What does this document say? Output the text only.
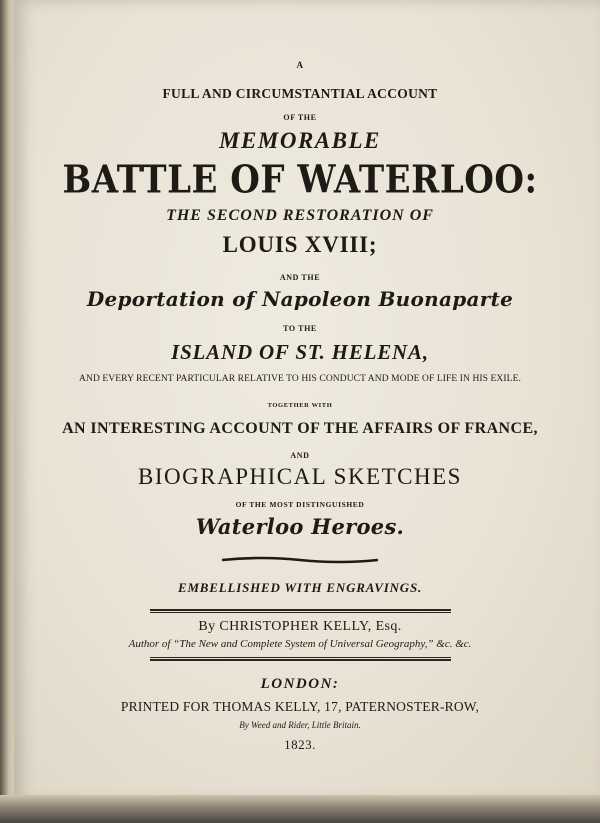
A

FULL AND CIRCUMSTANTIAL ACCOUNT

OF THE

MEMORABLE

BATTLE OF WATERLOO:

THE SECOND RESTORATION OF

LOUIS XVIII;

AND THE

Deportation of Napoleon Buonaparte

TO THE

ISLAND OF ST. HELENA,

AND EVERY RECENT PARTICULAR RELATIVE TO HIS CONDUCT AND MODE OF LIFE IN HIS EXILE.

TOGETHER WITH

AN INTERESTING ACCOUNT OF THE AFFAIRS OF FRANCE,

AND

BIOGRAPHICAL SKETCHES

OF THE MOST DISTINGUISHED

Waterloo Heroes.

EMBELLISHED WITH ENGRAVINGS.

By CHRISTOPHER KELLY, Esq.

Author of “The New and Complete System of Universal Geography,” &c. &c.

LONDON:

PRINTED FOR THOMAS KELLY, 17, PATERNOSTER-ROW,

By Weed and Rider, Little Britain.

1823.
